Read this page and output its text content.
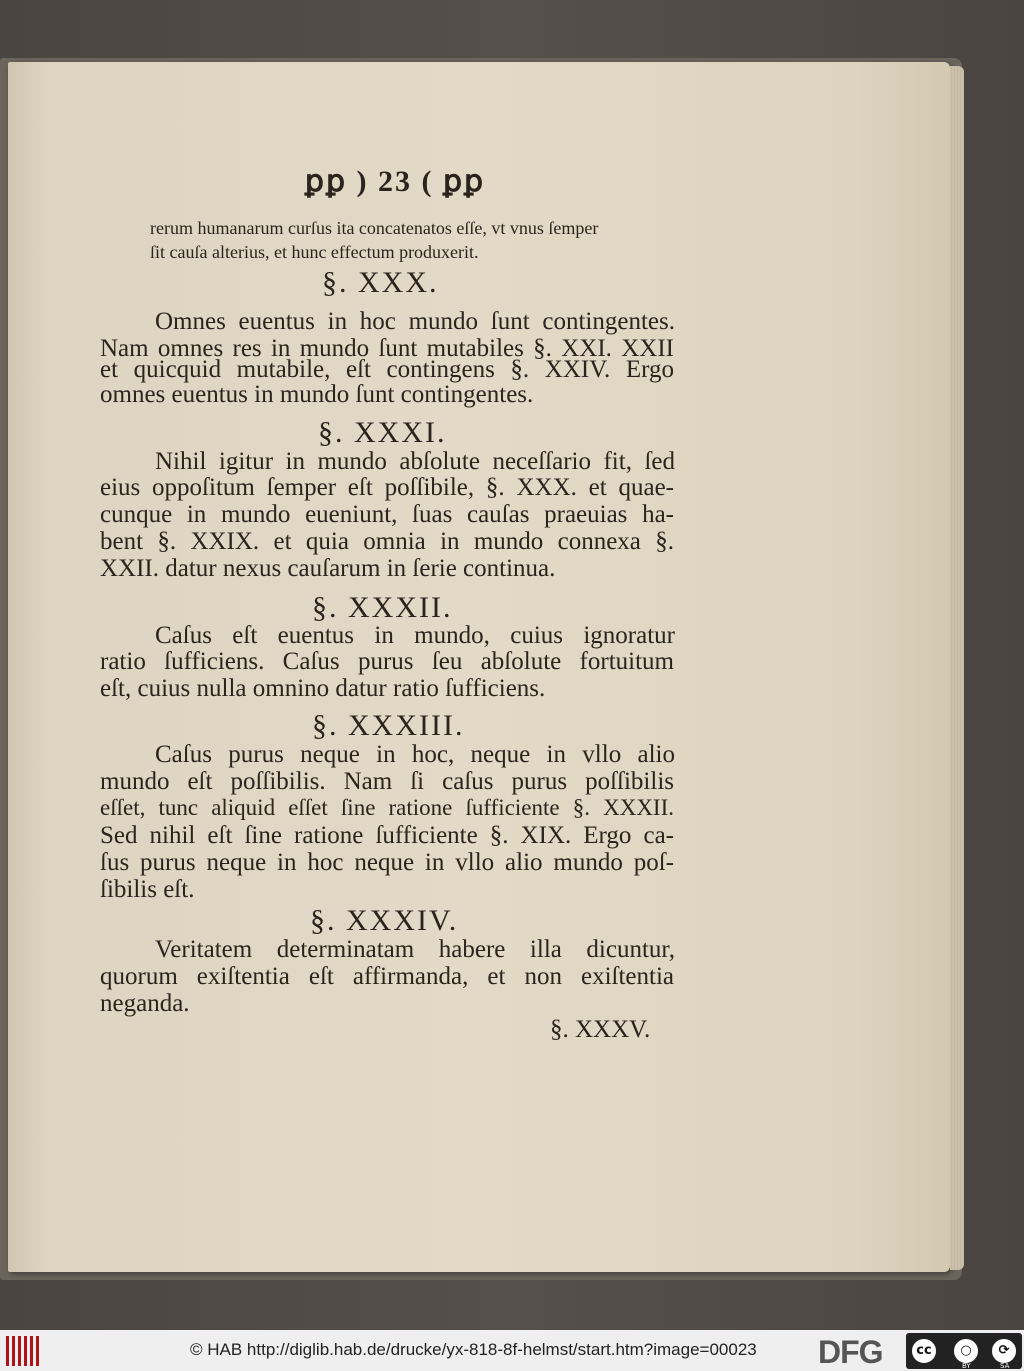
ꝑꝑ ) 23 ( ꝑꝑ
rerum humanarum curſus ita concatenatos eſſe, vt vnus ſemper
ſit cauſa alterius, et hunc effectum produxerit.
§. XXX.
Omnes euentus in hoc mundo ſunt contingentes.
Nam omnes res in mundo ſunt mutabiles §. XXI. XXII
et quicquid mutabile, eſt contingens §. XXIV. Ergo
omnes euentus in mundo ſunt contingentes.
§. XXXI.
Nihil igitur in mundo abſolute neceſſario fit, ſed
eius oppoſitum ſemper eſt poſſibile, §. XXX. et quae-
cunque in mundo eueniunt, ſuas cauſas praeuias ha-
bent §. XXIX. et quia omnia in mundo connexa §.
XXII. datur nexus cauſarum in ſerie continua.
§. XXXII.
Caſus eſt euentus in mundo, cuius ignoratur
ratio ſufficiens. Caſus purus ſeu abſolute fortuitum
eſt, cuius nulla omnino datur ratio ſufficiens.
§. XXXIII.
Caſus purus neque in hoc, neque in vllo alio
mundo eſt poſſibilis. Nam ſi caſus purus poſſibilis
eſſet, tunc aliquid eſſet ſine ratione ſufficiente §. XXXII.
Sed nihil eſt ſine ratione ſufficiente §. XIX. Ergo ca-
ſus purus neque in hoc neque in vllo alio mundo poſ-
ſibilis eſt.
§. XXXIV.
Veritatem determinatam habere illa dicuntur,
quorum exiſtentia eſt affirmanda, et non exiſtentia
neganda.
§. XXXV.
© HAB http://diglib.hab.de/drucke/yx-818-8f-helmst/start.htm?image=00023 DFG	cc	○	⟳
BY	SA
